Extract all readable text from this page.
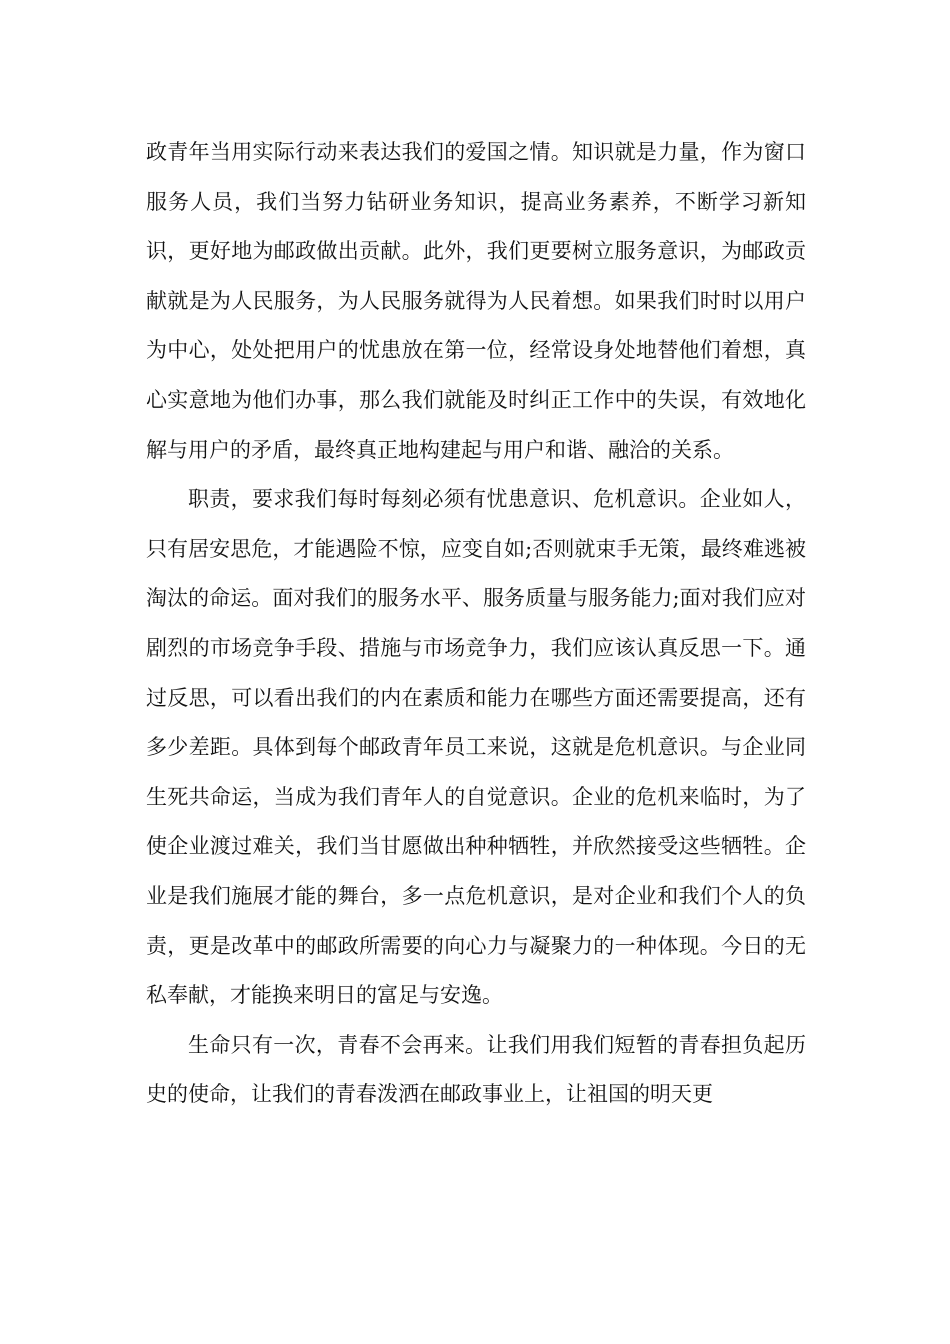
政青年当用实际行动来表达我们的爱国之情。知识就是力量，作为窗口服务人员，我们当努力钻研业务知识，提高业务素养，不断学习新知识，更好地为邮政做出贡献。此外，我们更要树立服务意识，为邮政贡献就是为人民服务，为人民服务就得为人民着想。如果我们时时以用户为中心，处处把用户的忧患放在第一位，经常设身处地替他们着想，真心实意地为他们办事，那么我们就能及时纠正工作中的失误，有效地化解与用户的矛盾，最终真正地构建起与用户和谐、融洽的关系。

职责，要求我们每时每刻必须有忧患意识、危机意识。企业如人，只有居安思危，才能遇险不惊，应变自如;否则就束手无策，最终难逃被淘汰的命运。面对我们的服务水平、服务质量与服务能力;面对我们应对剧烈的市场竞争手段、措施与市场竞争力，我们应该认真反思一下。通过反思，可以看出我们的内在素质和能力在哪些方面还需要提高，还有多少差距。具体到每个邮政青年员工来说，这就是危机意识。与企业同生死共命运，当成为我们青年人的自觉意识。企业的危机来临时，为了使企业渡过难关，我们当甘愿做出种种牺牲，并欣然接受这些牺牲。企业是我们施展才能的舞台，多一点危机意识，是对企业和我们个人的负责，更是改革中的邮政所需要的向心力与凝聚力的一种体现。今日的无私奉献，才能换来明日的富足与安逸。

生命只有一次，青春不会再来。让我们用我们短暂的青春担负起历史的使命，让我们的青春泼洒在邮政事业上，让祖国的明天更
